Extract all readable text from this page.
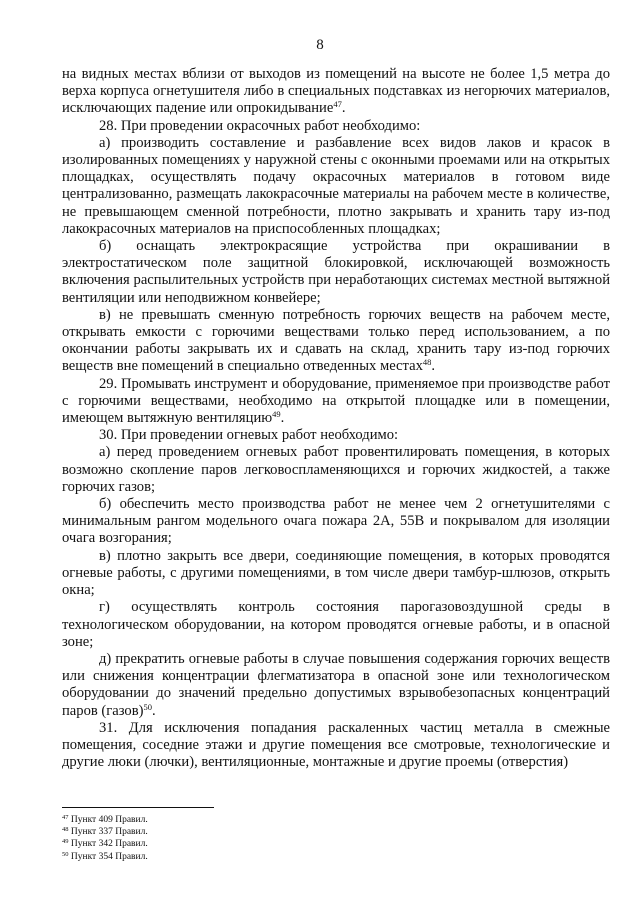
8

на видных местах вблизи от выходов из помещений на высоте не более 1,5 метра до верха корпуса огнетушителя либо в специальных подставках из негорючих материалов, исключающих падение или опрокидывание$^{47}$.

28. При проведении окрасочных работ необходимо:

а) производить составление и разбавление всех видов лаков и красок в изолированных помещениях у наружной стены с оконными проемами или на открытых площадках, осуществлять подачу окрасочных материалов в готовом виде централизованно, размещать лакокрасочные материалы на рабочем месте в количестве, не превышающем сменной потребности, плотно закрывать и хранить тару из-под лакокрасочных материалов на приспособленных площадках;

б) оснащать электрокрасящие устройства при окрашивании в электростатическом поле защитной блокировкой, исключающей возможность включения распылительных устройств при неработающих системах местной вытяжной вентиляции или неподвижном конвейере;

в) не превышать сменную потребность горючих веществ на рабочем месте, открывать емкости с горючими веществами только перед использованием, а по окончании работы закрывать их и сдавать на склад, хранить тару из-под горючих веществ вне помещений в специально отведенных местах$^{48}$.

29. Промывать инструмент и оборудование, применяемое при производстве работ с горючими веществами, необходимо на открытой площадке или в помещении, имеющем вытяжную вентиляцию$^{49}$.

30. При проведении огневых работ необходимо:

а) перед проведением огневых работ провентилировать помещения, в которых возможно скопление паров легковоспламеняющихся и горючих жидкостей, а также горючих газов;

б) обеспечить место производства работ не менее чем 2 огнетушителями с минимальным рангом модельного очага пожара 2А, 55В и покрывалом для изоляции очага возгорания;

в) плотно закрыть все двери, соединяющие помещения, в которых проводятся огневые работы, с другими помещениями, в том числе двери тамбур-шлюзов, открыть окна;

г) осуществлять контроль состояния парогазовоздушной среды в технологическом оборудовании, на котором проводятся огневые работы, и в опасной зоне;

д) прекратить огневые работы в случае повышения содержания горючих веществ или снижения концентрации флегматизатора в опасной зоне или технологическом оборудовании до значений предельно допустимых взрывобезопасных концентраций паров (газов)$^{50}$.

31. Для исключения попадания раскаленных частиц металла в смежные помещения, соседние этажи и другие помещения все смотровые, технологические и другие люки (лючки), вентиляционные, монтажные и другие проемы (отверстия)

$^{47}$ Пункт 409 Правил.

$^{48}$ Пункт 337 Правил.

$^{49}$ Пункт 342 Правил.

$^{50}$ Пункт 354 Правил.
